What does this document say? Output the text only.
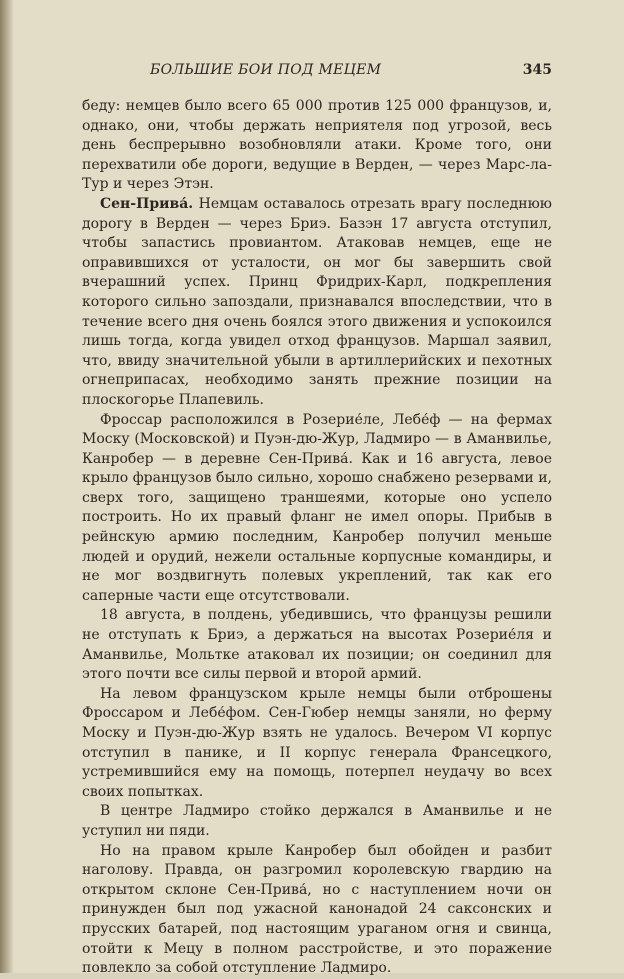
БОЛЬШИЕ БОИ ПОД МЕЦЕМ	345

беду: немцев было всего 65 000 против 125 000 французов, и, однако, они, чтобы держать неприятеля под угрозой, весь день беспрерывно возобновляли атаки. Кроме того, они перехватили обе дороги, ведущие в Верден, — через Марс-ла-Тур и через Этэн.

Сен-Прива́. Немцам оставалось отрезать врагу последнюю дорогу в Верден — через Бриэ. Базэн 17 августа отступил, чтобы запастись провиантом. Атаковав немцев, еще не оправившихся от усталости, он мог бы завершить свой вчерашний успех. Принц Фридрих-Карл, подкрепления которого сильно запоздали, признавался впоследствии, что в течение всего дня очень боялся этого движения и успокоился лишь тогда, когда увидел отход французов. Маршал заявил, что, ввиду значительной убыли в артиллерийских и пехотных огнеприпасах, необходимо занять прежние позиции на плоскогорье Плапевиль.

Фроссар расположился в Розерие́ле, Лебе́ф — на фермах Моску (Московской) и Пуэн-дю-Жур, Ладмиро — в Аманвилье, Канробер — в деревне Сен-Прива́. Как и 16 августа, левое крыло французов было сильно, хорошо снабжено резервами и, сверх того, защищено траншеями, которые оно успело построить. Но их правый фланг не имел опоры. Прибыв в рейнскую армию последним, Канробер получил меньше людей и орудий, нежели остальные корпусные командиры, и не мог воздвигнуть полевых укреплений, так как его саперные части еще отсутствовали.

18 августа, в полдень, убедившись, что французы решили не отступать к Бриэ, а держаться на высотах Розерие́ля и Аманвилье, Мольтке атаковал их позиции; он соединил для этого почти все силы первой и второй армий.

На левом французском крыле немцы были отброшены Фроссаром и Лебе́фом. Сен-Гюбер немцы заняли, но ферму Моску и Пуэн-дю-Жур взять не удалось. Вечером VI корпус отступил в панике, и II корпус генерала Франсецкого, устремившийся ему на помощь, потерпел неудачу во всех своих попытках.

В центре Ладмиро стойко держался в Аманвилье и не уступил ни пяди.

Но на правом крыле Канробер был обойден и разбит наголову. Правда, он разгромил королевскую гвардию на открытом склоне Сен-Прива́, но с наступлением ночи он принужден был под ужасной канонадой 24 саксонских и прусских батарей, под настоящим ураганом огня и свинца, отойти к Мецу в полном расстройстве, и это поражение повлекло за собой отступление Ладмиро.
